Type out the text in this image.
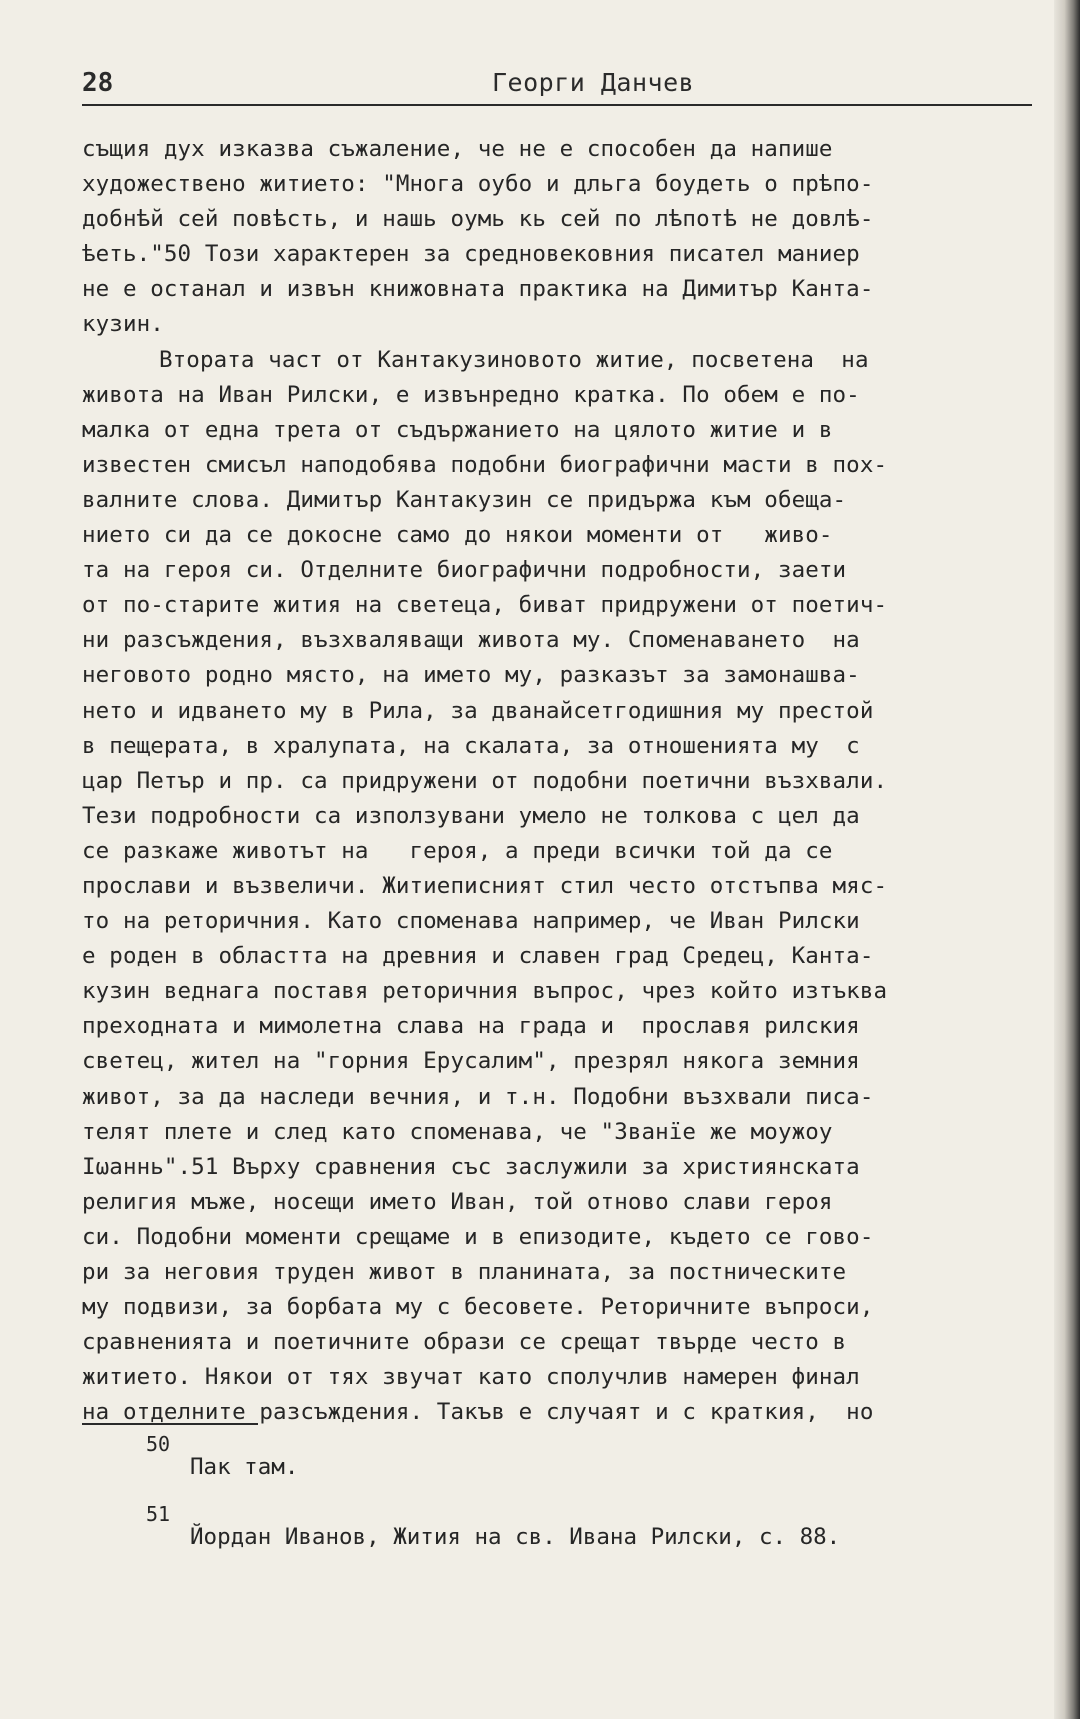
28	Георги Данчев
същия дух изказва съжаление, че не е способен да напише
художествено житието: "Многа оубо и дльга боудеть о прѣпо-
добнѣй сей повѣсть, и нашь оумь кь сей по лѣпотѣ не довлѣ-
ѣеть."50 Този характерен за средновековния писател маниер
не е останал и извън книжовната практика на Димитър Канта-
кузин.
Втората част от Кантакузиновото житие, посветена  на
живота на Иван Рилски, е извънредно кратка. По обем е по-
малка от една трета от съдържанието на цялото житие и в
известен смисъл наподобява подобни биографични масти в пох-
валните слова. Димитър Кантакузин се придържа към обеща-
нието си да се докосне само до някои моменти от   живо-
та на героя си. Отделните биографични подробности, заети
от по-старите жития на светеца, биват придружени от поетич-
ни разсъждения, възхваляващи живота му. Споменаването  на
неговото родно място, на името му, разказът за замонашва-
нето и идването му в Рила, за дванайсетгодишния му престой
в пещерата, в хралупата, на скалата, за отношенията му  с
цар Петър и пр. са придружени от подобни поетични възхвали.
Тези подробности са използувани умело не толкова с цел да
се разкаже животът на   героя, а преди всички той да се
прослави и възвеличи. Житиеписният стил често отстъпва мяс-
то на реторичния. Като споменава например, че Иван Рилски
е роден в областта на древния и славен град Средец, Канта-
кузин веднага поставя реторичния въпрос, чрез който изтъква
преходната и мимолетна слава на града и  прославя рилския
светец, жител на "горния Ерусалим", презрял някога земния
живот, за да наследи вечния, и т.н. Подобни възхвали писа-
телят плете и след като споменава, че "Званїе же моужоу
Іωаннь".51 Върху сравнения със заслужили за християнската
религия мъже, носещи името Иван, той отново слави героя
си. Подобни моменти срещаме и в епизодите, където се гово-
ри за неговия труден живот в планината, за постническите
му подвизи, за борбата му с бесовете. Реторичните въпроси,
сравненията и поетичните образи се срещат твърде често в
житието. Някои от тях звучат като сполучлив намерен финал
на отделните разсъждения. Такъв е случаят и с краткия,  но
50
Пак там.
51
Йордан Иванов, Жития на св. Ивана Рилски, с. 88.
